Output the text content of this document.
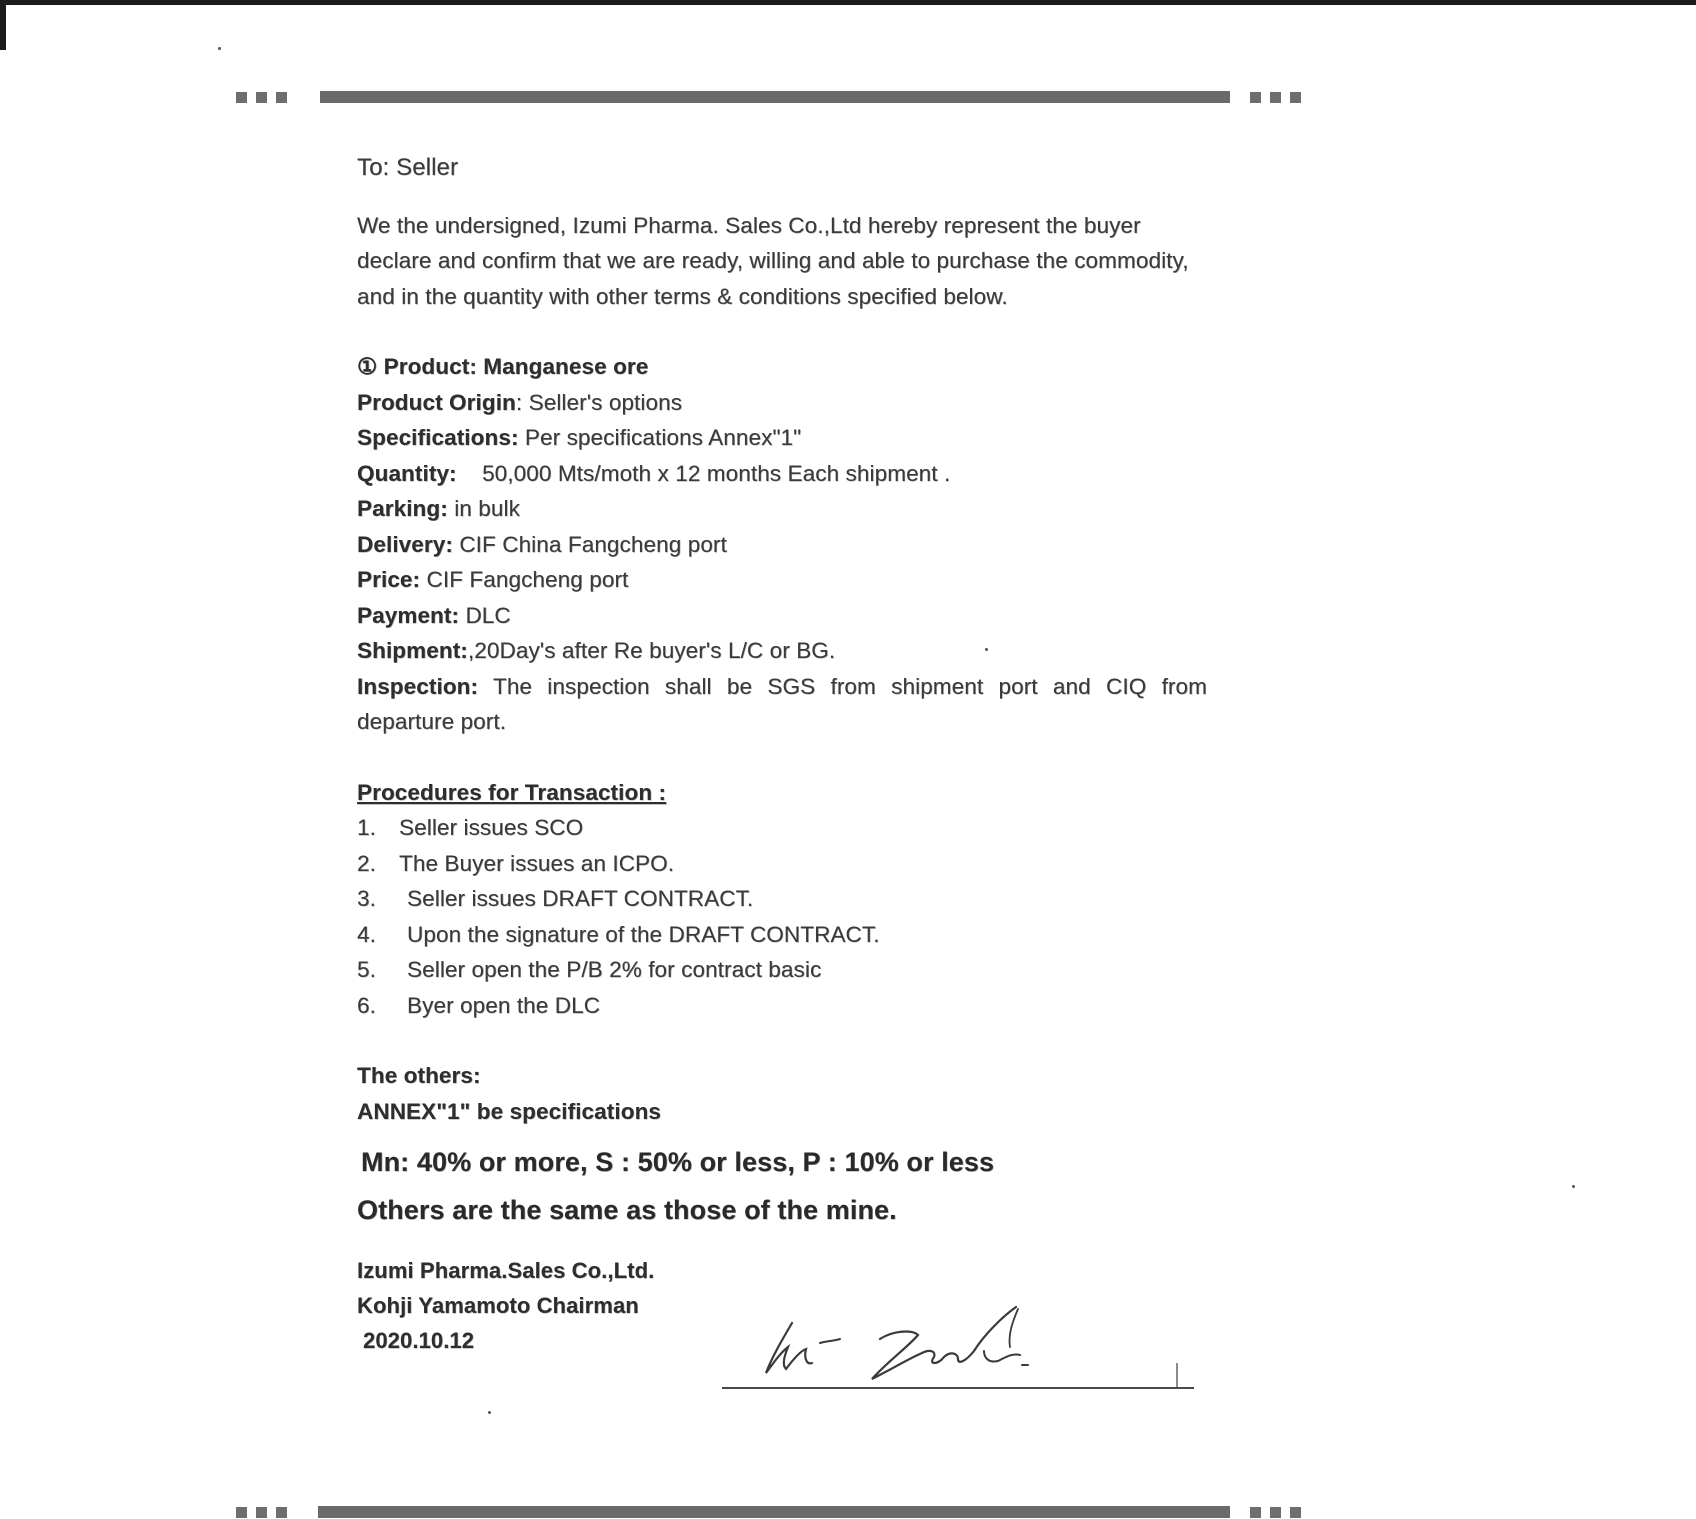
To: Seller

We the undersigned, Izumi Pharma. Sales Co.,Ltd hereby represent the buyer declare and confirm that we are ready, willing and able to purchase the commodity, and in the quantity with other terms & conditions specified below.

① Product: Manganese ore

Product Origin: Seller's options

Specifications: Per specifications Annex"1"

Quantity: 50,000 Mts/moth x 12 months Each shipment .

Parking: in bulk

Delivery: CIF China Fangcheng port

Price: CIF Fangcheng port

Payment: DLC

Shipment:,20Day's after Re buyer's L/C or BG.

Inspection: The inspection shall be SGS from shipment port and CIQ from departure port.

Procedures for Transaction :

1.	Seller issues SCO
2.	The Buyer issues an ICPO.
3.	Seller issues DRAFT CONTRACT.
4.	Upon the signature of the DRAFT CONTRACT.
5.	Seller open the P/B 2% for contract basic
6.	Byer open the DLC

The others:

ANNEX"1" be specifications

Mn: 40% or more, S : 50% or less, P : 10% or less

Others are the same as those of the mine.

Izumi Pharma.Sales Co.,Ltd.
Kohji Yamamoto Chairman
2020.10.12
